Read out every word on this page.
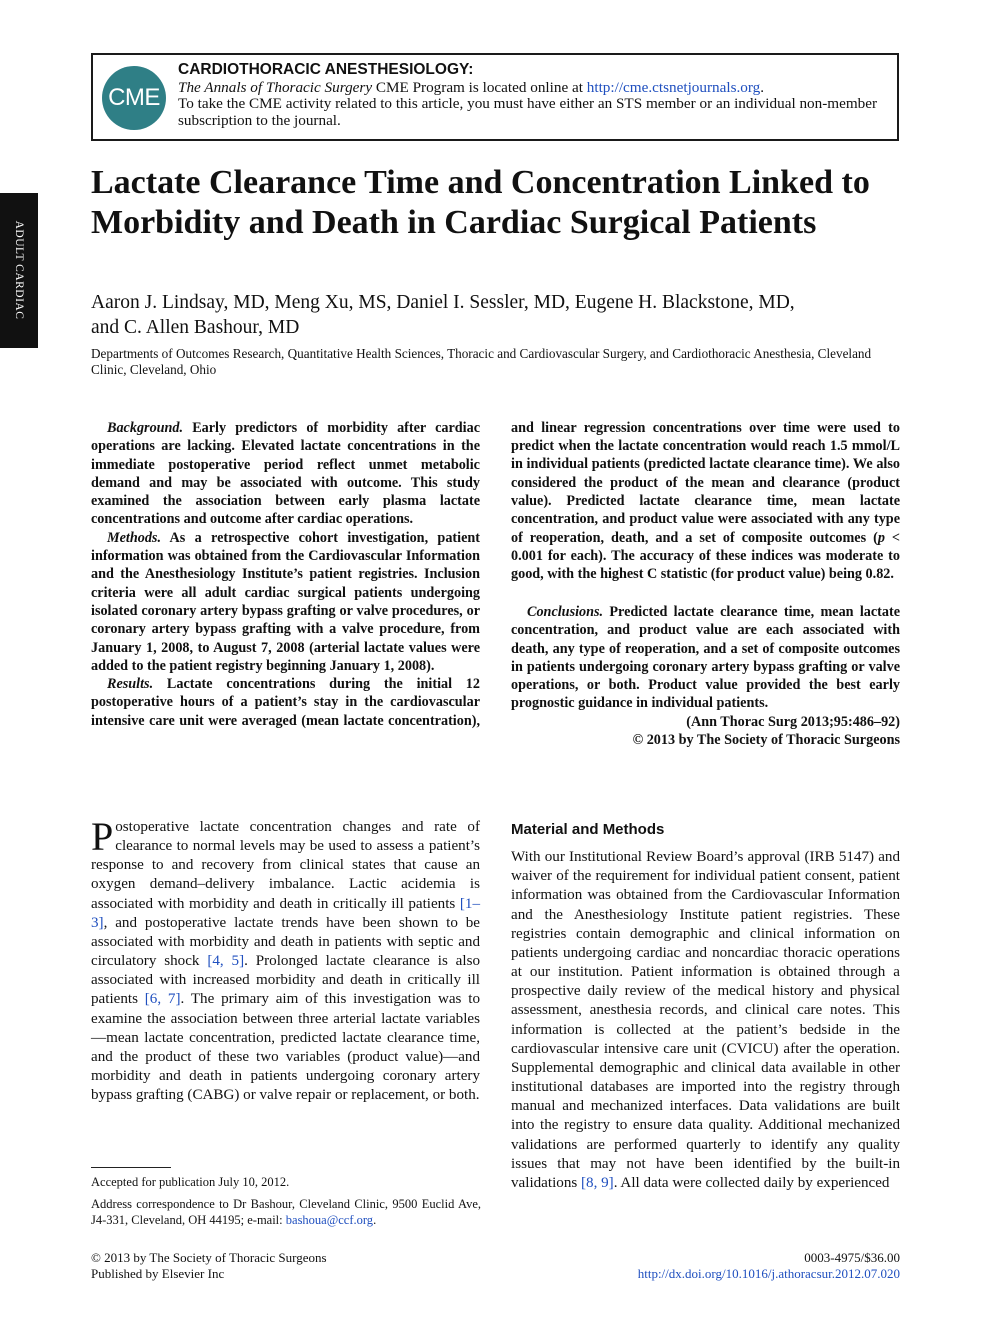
CME
CARDIOTHORACIC ANESTHESIOLOGY:
The Annals of Thoracic Surgery CME Program is located online at http://cme.ctsnetjournals.org.
To take the CME activity related to this article, you must have either an STS member or an individual non-member subscription to the journal.
ADULT CARDIAC
Lactate Clearance Time and Concentration Linked to Morbidity and Death in Cardiac Surgical Patients
Aaron J. Lindsay, MD, Meng Xu, MS, Daniel I. Sessler, MD, Eugene H. Blackstone, MD,
and C. Allen Bashour, MD
Departments of Outcomes Research, Quantitative Health Sciences, Thoracic and Cardiovascular Surgery, and Cardiothoracic Anesthesia, Cleveland Clinic, Cleveland, Ohio

Background. Early predictors of morbidity after cardiac operations are lacking. Elevated lactate concentrations in the immediate postoperative period reflect unmet metabolic demand and may be associated with outcome. This study examined the association between early plasma lactate concentrations and outcome after cardiac operations.

Methods. As a retrospective cohort investigation, patient information was obtained from the Cardiovascular Information and the Anesthesiology Institute’s patient registries. Inclusion criteria were all adult cardiac surgical patients undergoing isolated coronary artery bypass grafting or valve procedures, or coronary artery bypass grafting with a valve procedure, from January 1, 2008, to August 7, 2008 (arterial lactate values were added to the patient registry beginning January 1, 2008).

Results. Lactate concentrations during the initial 12 postoperative hours of a patient’s stay in the cardiovascular intensive care unit were averaged (mean lactate concentration),

and linear regression concentrations over time were used to predict when the lactate concentration would reach 1.5 mmol/L in individual patients (predicted lactate clearance time). We also considered the product of the mean and clearance (product value). Predicted lactate clearance time, mean lactate concentration, and product value were associated with any type of reoperation, death, and a set of composite outcomes (p < 0.001 for each). The accuracy of these indices was moderate to good, with the highest C statistic (for product value) being 0.82.

Conclusions. Predicted lactate clearance time, mean lactate concentration, and product value are each associated with death, any type of reoperation, and a set of composite outcomes in patients undergoing coronary artery bypass grafting or valve operations, or both. Product value provided the best early prognostic guidance in individual patients.

(Ann Thorac Surg 2013;95:486–92)

© 2013 by The Society of Thoracic Surgeons

Postoperative lactate concentration changes and rate of clearance to normal levels may be used to assess a patient’s response to and recovery from clinical states that cause an oxygen demand–delivery imbalance. Lactic acidemia is associated with morbidity and death in critically ill patients [1–3], and postoperative lactate trends have been shown to be associated with morbidity and death in patients with septic and circulatory shock [4, 5]. Prolonged lactate clearance is also associated with increased morbidity and death in critically ill patients [6, 7]. The primary aim of this investigation was to examine the association between three arterial lactate variables—mean lactate concentration, predicted lactate clearance time, and the product of these two variables (product value)—and morbidity and death in patients undergoing coronary artery bypass grafting (CABG) or valve repair or replacement, or both.

Material and Methods

With our Institutional Review Board’s approval (IRB 5147) and waiver of the requirement for individual patient consent, patient information was obtained from the Cardiovascular Information and the Anesthesiology Institute patient registries. These registries contain demographic and clinical information on patients undergoing cardiac and noncardiac thoracic operations at our institution. Patient information is obtained through a prospective daily review of the medical history and physical assessment, anesthesia records, and clinical care notes. This information is collected at the patient’s bedside in the cardiovascular intensive care unit (CVICU) after the operation. Supplemental demographic and clinical data available in other institutional databases are imported into the registry through manual and mechanized interfaces. Data validations are built into the registry to ensure data quality. Additional mechanized validations are performed quarterly to identify any quality issues that may not have been identified by the built-in validations [8, 9]. All data were collected daily by experienced

Accepted for publication July 10, 2012.
Address correspondence to Dr Bashour, Cleveland Clinic, 9500 Euclid Ave, J4-331, Cleveland, OH 44195; e-mail: bashoua@ccf.org.
© 2013 by The Society of Thoracic Surgeons
Published by Elsevier Inc
0003-4975/$36.00
http://dx.doi.org/10.1016/j.athoracsur.2012.07.020
